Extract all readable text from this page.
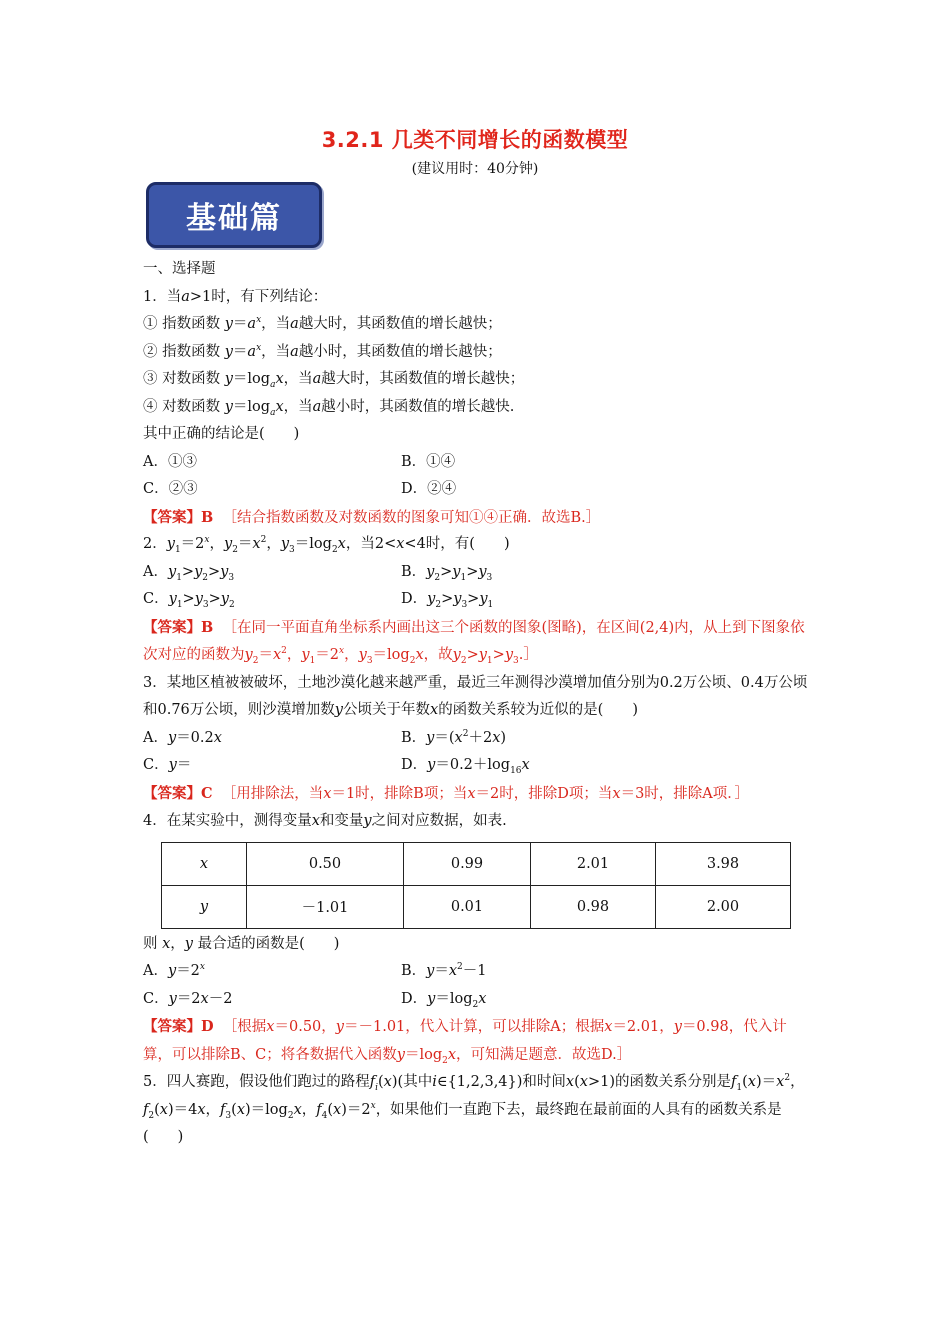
3.2.1 几类不同增长的函数模型
(建议用时：40分钟)
基础篇
一、选择题
1．当a>1时，有下列结论：
① 指数函数 $y=a^x$，当a越大时，其函数值的增长越快；
② 指数函数 $y=a^x$，当a越小时，其函数值的增长越快；
③ 对数函数 $y=\log_ax$，当a越大时，其函数值的增长越快；
④ 对数函数 $y=\log_ax$，当a越小时，其函数值的增长越快.
其中正确的结论是(　　)
A．①③	B．①④
C．②③	D．②④
【答案】B ［结合指数函数及对数函数的图象可知①④正确．故选B.］
2．$y_1=2^x$，$y_2=x^2$，$y_3=\log_2x$，当2<x<4时，有(　　)
A．$y_1>y_2>y_3$	B．$y_2>y_1>y_3$
C．$y_1>y_3>y_2$	D．$y_2>y_3>y_1$
【答案】B ［在同一平面直角坐标系内画出这三个函数的图象(图略)，在区间(2,4)内，从上到下图象依次对应的函数为$y_2=x^2$，$y_1=2^x$，$y_3=\log_2x$，故$y_2>y_1>y_3.]$
3．某地区植被被破坏，土地沙漠化越来越严重，最近三年测得沙漠增加值分别为0.2万公顷、0.4万公顷和0.76万公顷，则沙漠增加数y公顷关于年数x的函数关系较为近似的是(　　)
A．y＝0.2x	B．$y=(x^2+2x)$
C．y＝	D．$y=0.2+\log_{16}x$
【答案】C ［用排除法，当x＝1时，排除B项；当x＝2时，排除D项；当x＝3时，排除A项．］
4．在某实验中，测得变量x和变量y之间对应数据，如表.
x	0.50	0.99	2.01	3.98
y	－1.01	0.01	0.98	2.00
则 x，y 最合适的函数是(　　)
A．$y=2^x$	B．$y=x^2-1$
C．y＝2x－2	D．$y=\log_2x$
【答案】D ［根据x＝0.50，y＝－1.01，代入计算，可以排除A；根据x＝2.01，y＝0.98，代入计算，可以排除B、C；将各数据代入函数$y=\log_2x$，可知满足题意．故选D.］
5．四人赛跑，假设他们跑过的路程$f_i(x)$(其中i∈{1,2,3,4})和时间x(x>1)的函数关系分别是$f_1(x)=x^2$，$f_2(x)=4x$，$f_3(x)=\log_2x$，$f_4(x)=2^x$，如果他们一直跑下去，最终跑在最前面的人具有的函数关系是(　　)
